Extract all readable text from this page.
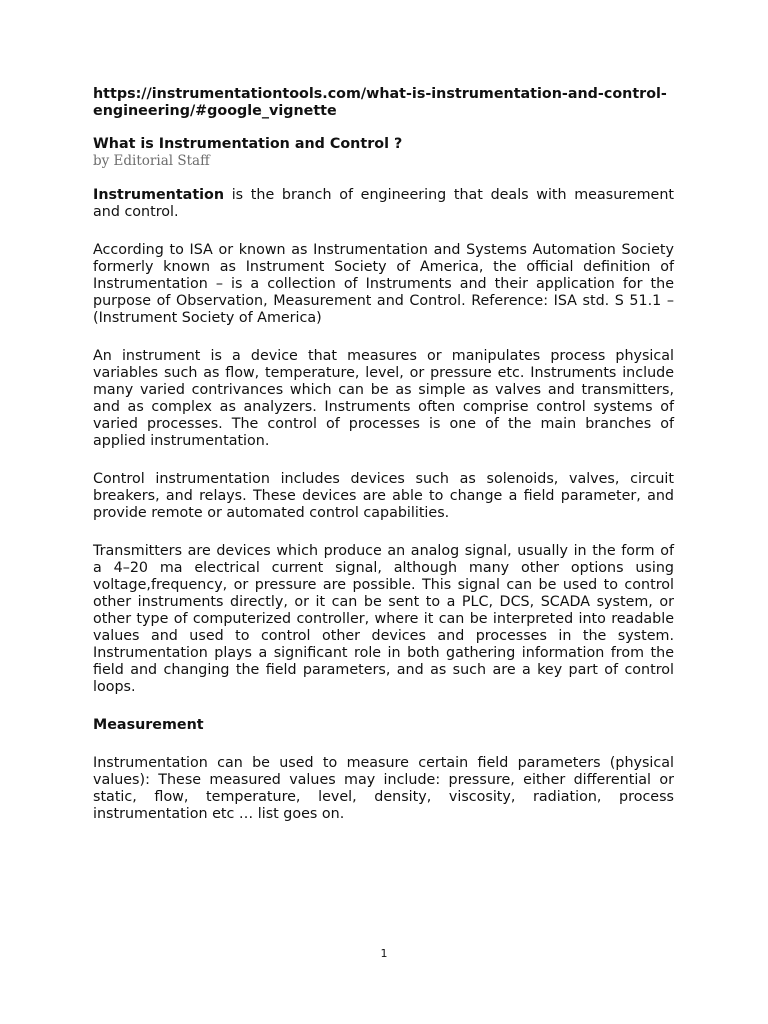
https://instrumentationtools.com/what-is-instrumentation-and-control-engineering/#google_vignette

What is Instrumentation and Control ?

by Editorial Staff

Instrumentation is the branch of engineering that deals with measurement and control.

According to ISA or known as Instrumentation and Systems Automation Society formerly known as Instrument Society of America, the official definition of Instrumentation – is a collection of Instruments and their application for the purpose of Observation, Measurement and Control. Reference: ISA std. S 51.1 – (Instrument Society of America)

An instrument is a device that measures or manipulates process physical variables such as flow, temperature, level, or pressure etc. Instruments include many varied contrivances which can be as simple as valves and transmitters, and as complex as analyzers. Instruments often comprise control systems of varied processes. The control of processes is one of the main branches of applied instrumentation.

Control instrumentation includes devices such as solenoids, valves, circuit breakers, and relays. These devices are able to change a field parameter, and provide remote or automated control capabilities.

Transmitters are devices which produce an analog signal, usually in the form of a 4–20 ma electrical current signal, although many other options using voltage,frequency, or pressure are possible. This signal can be used to control other instruments directly, or it can be sent to a PLC, DCS, SCADA system, or other type of computerized controller, where it can be interpreted into readable values and used to control other devices and processes in the system. Instrumentation plays a significant role in both gathering information from the field and changing the field parameters, and as such are a key part of control loops.

Measurement

Instrumentation can be used to measure certain field parameters (physical values): These measured values may include: pressure, either differential or static, flow, temperature, level, density, viscosity, radiation, process instrumentation etc … list goes on.

1
